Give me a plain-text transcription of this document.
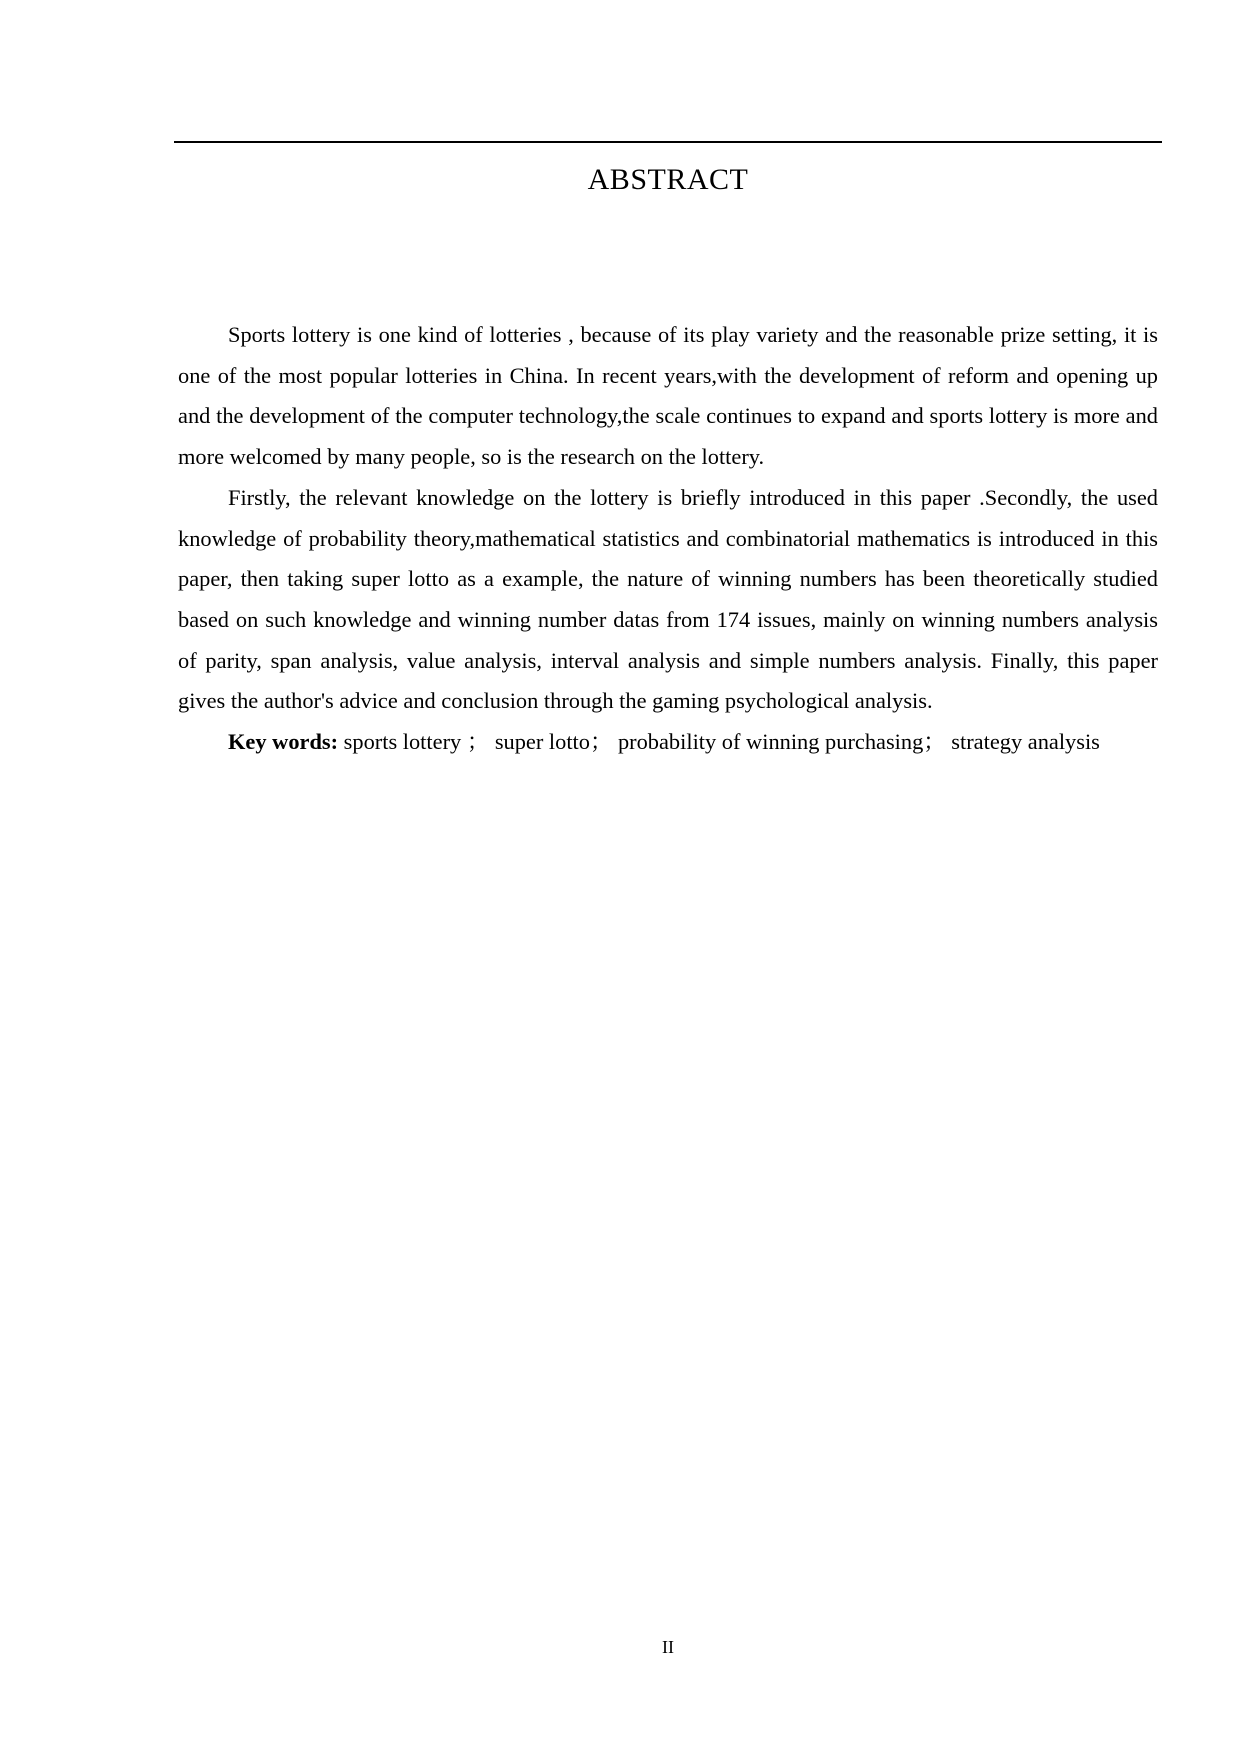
ABSTRACT

Sports lottery is one kind of lotteries , because of its play variety and the reasonable prize setting, it is one of the most popular lotteries in China. In recent years,with the development of reform and opening up and the development of the computer technology,the scale continues to expand and sports lottery is more and more welcomed by many people, so is the research on the lottery.

Firstly, the relevant knowledge on the lottery is briefly introduced in this paper .Secondly, the used knowledge of probability theory,mathematical statistics and combinatorial mathematics is introduced in this paper, then taking super lotto as a example, the nature of winning numbers has been theoretically studied based on such knowledge and winning number datas from 174 issues, mainly on winning numbers analysis of parity, span analysis, value analysis, interval analysis and simple numbers analysis. Finally, this paper gives the author's advice and conclusion through the gaming psychological analysis.

Key words: sports lottery ； super lotto； probability of winning purchasing； strategy analysis

II
